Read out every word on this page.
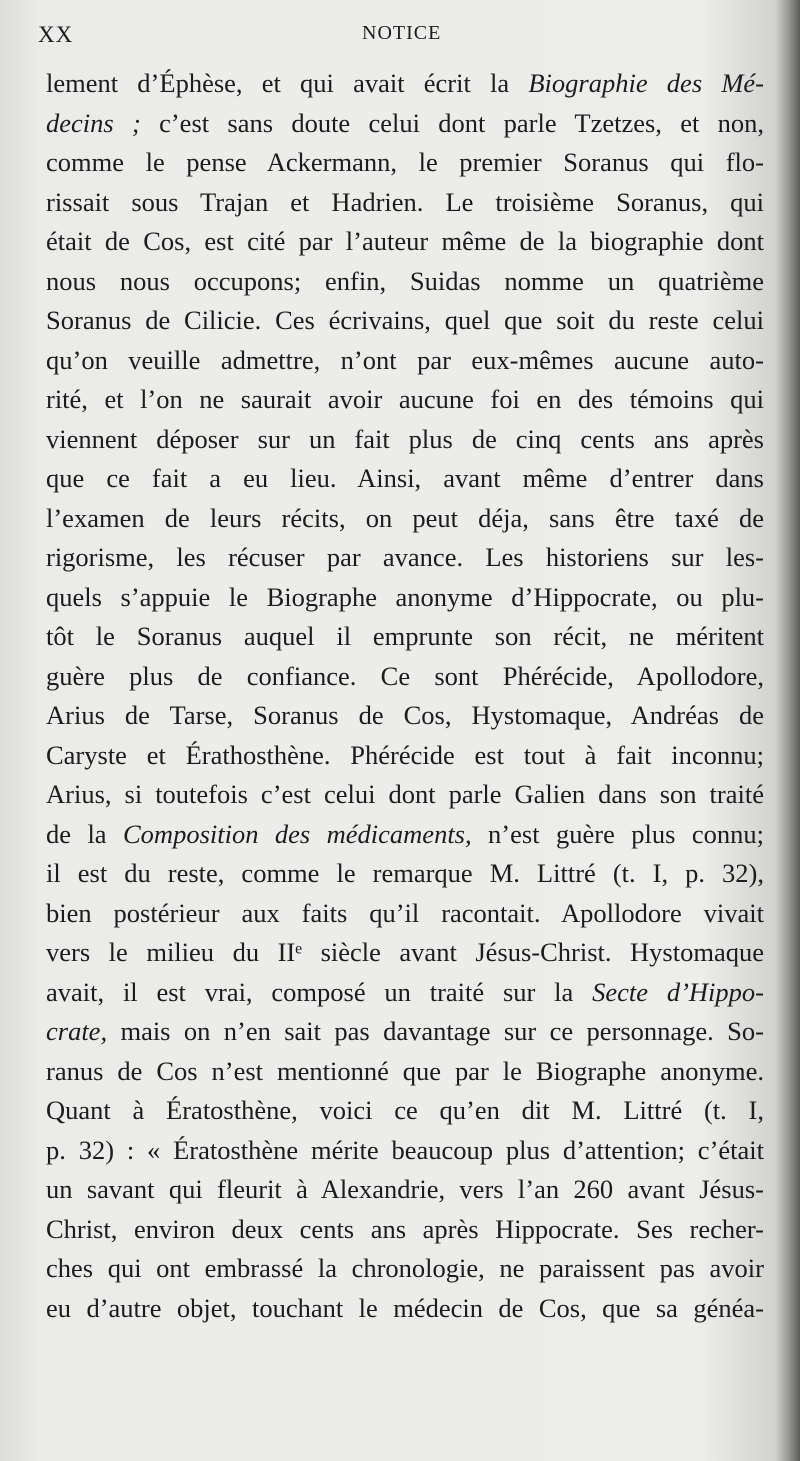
XX	NOTICE
lement d’Éphèse, et qui avait écrit la Biographie des Mé-
decins ; c’est sans doute celui dont parle Tzetzes, et non,
comme le pense Ackermann, le premier Soranus qui flo-
rissait sous Trajan et Hadrien. Le troisième Soranus, qui
était de Cos, est cité par l’auteur même de la biographie dont
nous nous occupons; enfin, Suidas nomme un quatrième
Soranus de Cilicie. Ces écrivains, quel que soit du reste celui
qu’on veuille admettre, n’ont par eux-mêmes aucune auto-
rité, et l’on ne saurait avoir aucune foi en des témoins qui
viennent déposer sur un fait plus de cinq cents ans après
que ce fait a eu lieu. Ainsi, avant même d’entrer dans
l’examen de leurs récits, on peut déja, sans être taxé de
rigorisme, les récuser par avance. Les historiens sur les-
quels s’appuie le Biographe anonyme d’Hippocrate, ou plu-
tôt le Soranus auquel il emprunte son récit, ne méritent
guère plus de confiance. Ce sont Phérécide, Apollodore,
Arius de Tarse, Soranus de Cos, Hystomaque, Andréas de
Caryste et Érathosthène. Phérécide est tout à fait inconnu;
Arius, si toutefois c’est celui dont parle Galien dans son traité
de la Composition des médicaments, n’est guère plus connu;
il est du reste, comme le remarque M. Littré (t. I, p. 32),
bien postérieur aux faits qu’il racontait. Apollodore vivait
vers le milieu du IIᵉ siècle avant Jésus-Christ. Hystomaque
avait, il est vrai, composé un traité sur la Secte d’Hippo-
crate, mais on n’en sait pas davantage sur ce personnage. So-
ranus de Cos n’est mentionné que par le Biographe anonyme.
Quant à Ératosthène, voici ce qu’en dit M. Littré (t. I,
p. 32) : « Ératosthène mérite beaucoup plus d’attention; c’était
un savant qui fleurit à Alexandrie, vers l’an 260 avant Jésus-
Christ, environ deux cents ans après Hippocrate. Ses recher-
ches qui ont embrassé la chronologie, ne paraissent pas avoir
eu d’autre objet, touchant le médecin de Cos, que sa généa-
